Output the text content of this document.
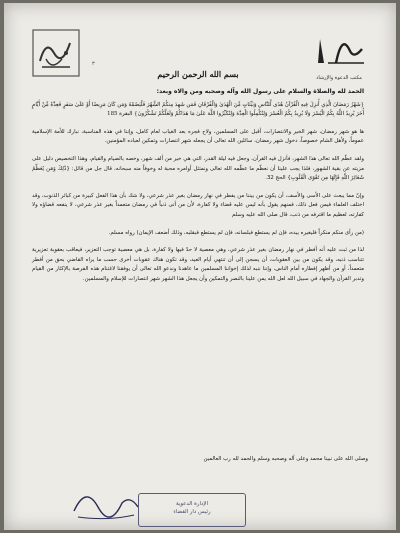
٣
مكتب الدعوة والإرشاد
بسم الله الرحمن الرحيم
الحمد لله والصلاة والسلام على رسول الله وآله وصحبه ومن والاه وبعد:
{شَهْرُ رَمَضَانَ الَّذِي أُنزِلَ فِيهِ الْقُرْآنُ هُدًى لِّلنَّاسِ وَبَيِّنَاتٍ مِّنَ الْهُدَىٰ وَالْفُرْقَانِ فَمَن شَهِدَ مِنكُمُ الشَّهْرَ فَلْيَصُمْهُ وَمَن كَانَ مَرِيضًا أَوْ عَلَىٰ سَفَرٍ فَعِدَّةٌ مِّنْ أَيَّامٍ أُخَرَ يُرِيدُ اللَّهُ بِكُمُ الْيُسْرَ وَلَا يُرِيدُ بِكُمُ الْعُسْرَ وَلِتُكْمِلُوا الْعِدَّةَ وَلِتُكَبِّرُوا اللَّهَ عَلَىٰ مَا هَدَاكُمْ وَلَعَلَّكُمْ تَشْكُرُونَ} البقرة 185
ها هو شهر رمضان، شهر الخير والانتصارات، أقبل على المسلمين، ولاح فجره بعد الغياب لعام كامل، وإننا في هذه المناسبة، نبارك للأمة الإسلامية عموماً، ولأهل الشام خصوصاً، دخول شهر رمضان، سائلين الله تعالى أن يجعله شهر انتصارات وتمكين لعباده المؤمنين.
ولقد عظّم الله تعالى هذا الشهر، فأنزل فيه القرآن، وجعل فيه ليلة القدر، التي هي خير من ألف شهر، وخصه بالصيام والقيام، وهذا التخصيص دليل على مزيته عن بقية الشهور، فلذا يجب علينا أن نعظّم ما عظّمه الله تعالى ونمتثل أوامره محبة له وخوفاً منه سبحانه، قال جل من قائل: {ذَٰلِكَ وَمَن يُعَظِّمْ شَعَائِرَ اللَّهِ فَإِنَّهَا مِن تَقْوَى الْقُلُوبِ} الحج 32.
وإنّ مما يبعث على الأسى والأسف، أن يكون من بيننا من يفطر في نهار رمضان بغير عذر شرعي، ولا شك بأن هذا الفعل كبيرة من كبائر الذنوب، وقد اختلف العلماء فيمن فعل ذلك، فمنهم يقول بأنه ليس عليه قضاء ولا كفارة، لأن من أتى ذنباً في رمضان متعمداً بغير عذر شرعي، لا ينفعه قضاؤه ولا كفارته، لعظيم ما اقترفه من ذنب، قال صلى الله عليه وسلم
(من رأى منكم منكراً فليغيره بيده، فإن لم يستطع فبلسانه، فإن لم يستطع فبقلبه، وذلك أضعف الإيمان) رواه مسلم.
لذا من ثبت عليه أنه أفطر في نهار رمضان بغير عذر شرعي، وهي معصية لا حدّ فيها ولا كفارة، بل هي معصية توجب التعزير، فيعاقب بعقوبة تعزيرية تتناسب ذنبه، وقد يكون من بين العقوبات، أن يسجن إلى أن تنتهي أيام العيد، وقد تكون هناك عقوبات أخرى حسب ما يراه القاضي بحق من أفطر متعمداً، أو من أظهر إفطاره أمام الناس، وإننا ننبه لذلك إخواننا المسلمين ما عاهدنا وندعو الله تعالى أن يوفقنا لاغتنام هذه الفرصة بالإكثار من القيام وتدبر القرآن والجهاد في سبيل الله لعل الله يمن علينا بالنصر والتمكين وأن يجعل هذا الشهر شهر انتصارات للإسلام والمسلمين.
وصلى الله على نبينا محمد وعلى آله وصحبه وسلم والحمد لله رب العالمين
الإدارة الدعوية
رئيس دار القضاء
